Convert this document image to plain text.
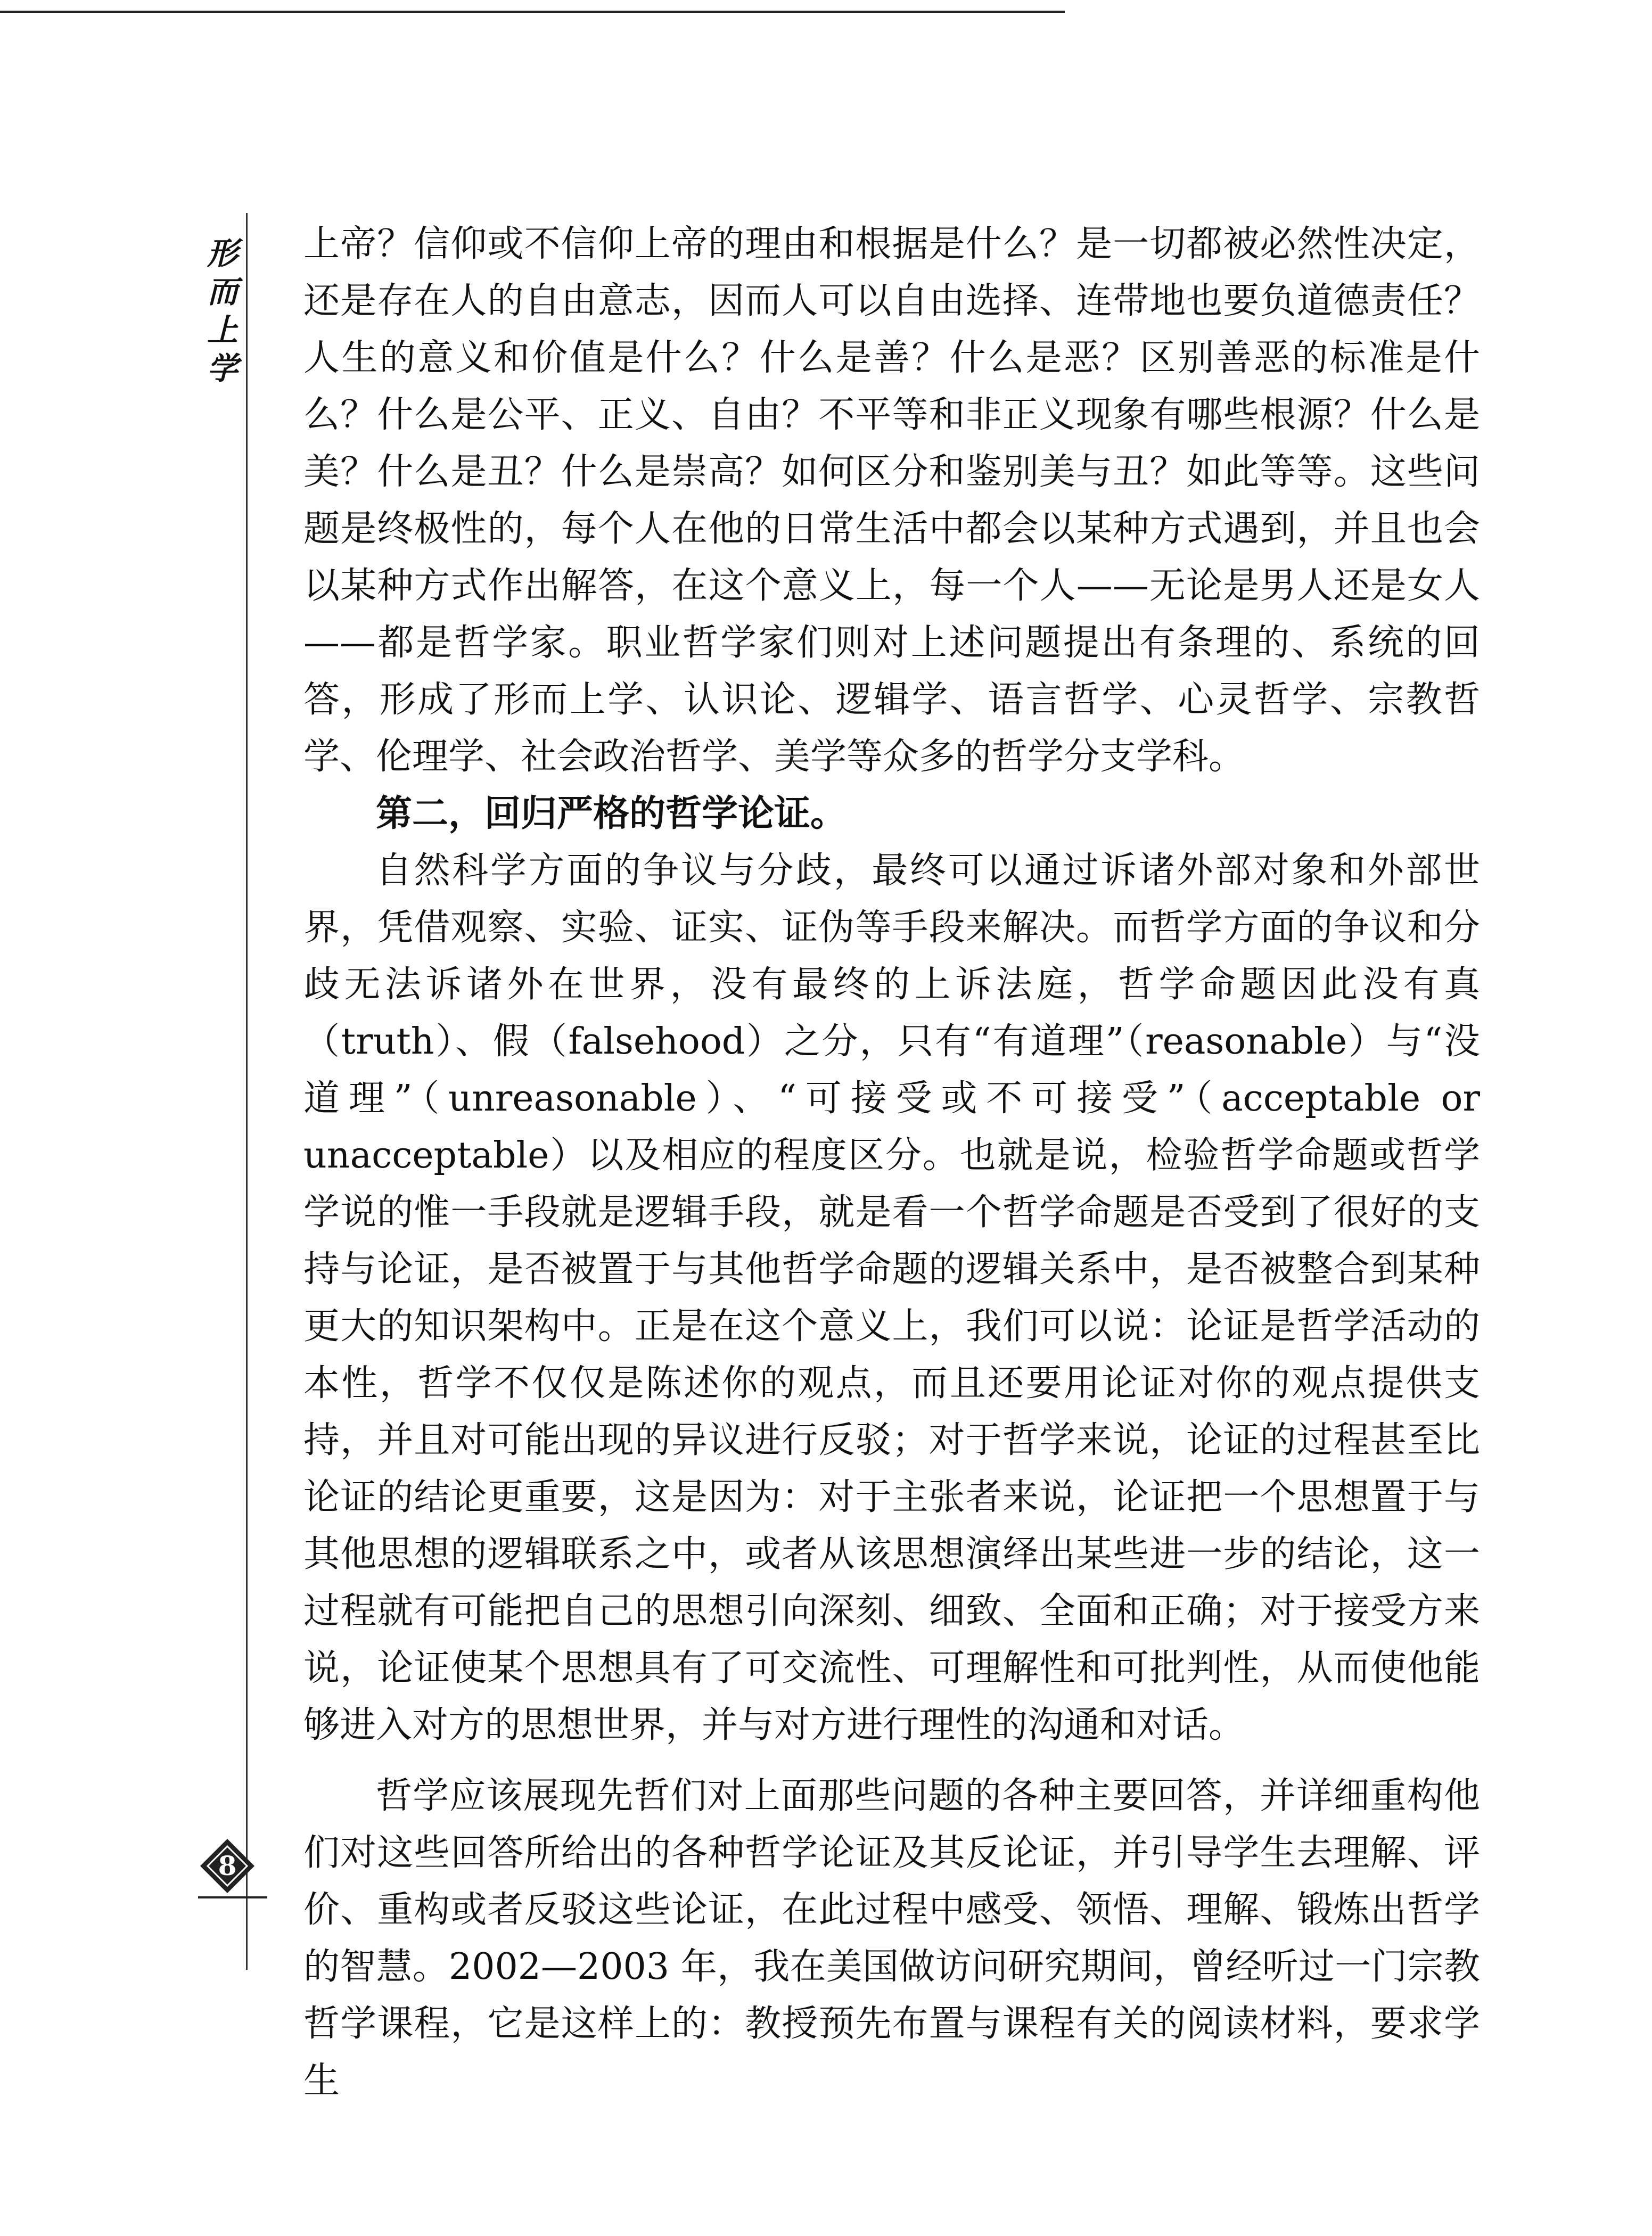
形而上学

上帝？信仰或不信仰上帝的理由和根据是什么？是一切都被必然性决定，还是存在人的自由意志，因而人可以自由选择、连带地也要负道德责任？人生的意义和价值是什么？什么是善？什么是恶？区别善恶的标准是什么？什么是公平、正义、自由？不平等和非正义现象有哪些根源？什么是美？什么是丑？什么是崇高？如何区分和鉴别美与丑？如此等等。这些问题是终极性的，每个人在他的日常生活中都会以某种方式遇到，并且也会以某种方式作出解答，在这个意义上，每一个人——无论是男人还是女人——都是哲学家。职业哲学家们则对上述问题提出有条理的、系统的回答，形成了形而上学、认识论、逻辑学、语言哲学、心灵哲学、宗教哲学、伦理学、社会政治哲学、美学等众多的哲学分支学科。

第二，回归严格的哲学论证。

自然科学方面的争议与分歧，最终可以通过诉诸外部对象和外部世界，凭借观察、实验、证实、证伪等手段来解决。而哲学方面的争议和分歧无法诉诸外在世界，没有最终的上诉法庭，哲学命题因此没有真（truth）、假（falsehood）之分，只有“有道理”（reasonable）与“没道理”（unreasonable）、“可接受或不可接受”（acceptable or unacceptable）以及相应的程度区分。也就是说，检验哲学命题或哲学学说的惟一手段就是逻辑手段，就是看一个哲学命题是否受到了很好的支持与论证，是否被置于与其他哲学命题的逻辑关系中，是否被整合到某种更大的知识架构中。正是在这个意义上，我们可以说：论证是哲学活动的本性，哲学不仅仅是陈述你的观点，而且还要用论证对你的观点提供支持，并且对可能出现的异议进行反驳；对于哲学来说，论证的过程甚至比论证的结论更重要，这是因为：对于主张者来说，论证把一个思想置于与其他思想的逻辑联系之中，或者从该思想演绎出某些进一步的结论，这一过程就有可能把自己的思想引向深刻、细致、全面和正确；对于接受方来说，论证使某个思想具有了可交流性、可理解性和可批判性，从而使他能够进入对方的思想世界，并与对方进行理性的沟通和对话。

哲学应该展现先哲们对上面那些问题的各种主要回答，并详细重构他们对这些回答所给出的各种哲学论证及其反论证，并引导学生去理解、评价、重构或者反驳这些论证，在此过程中感受、领悟、理解、锻炼出哲学的智慧。2002—2003 年，我在美国做访问研究期间，曾经听过一门宗教哲学课程，它是这样上的：教授预先布置与课程有关的阅读材料，要求学生

8
